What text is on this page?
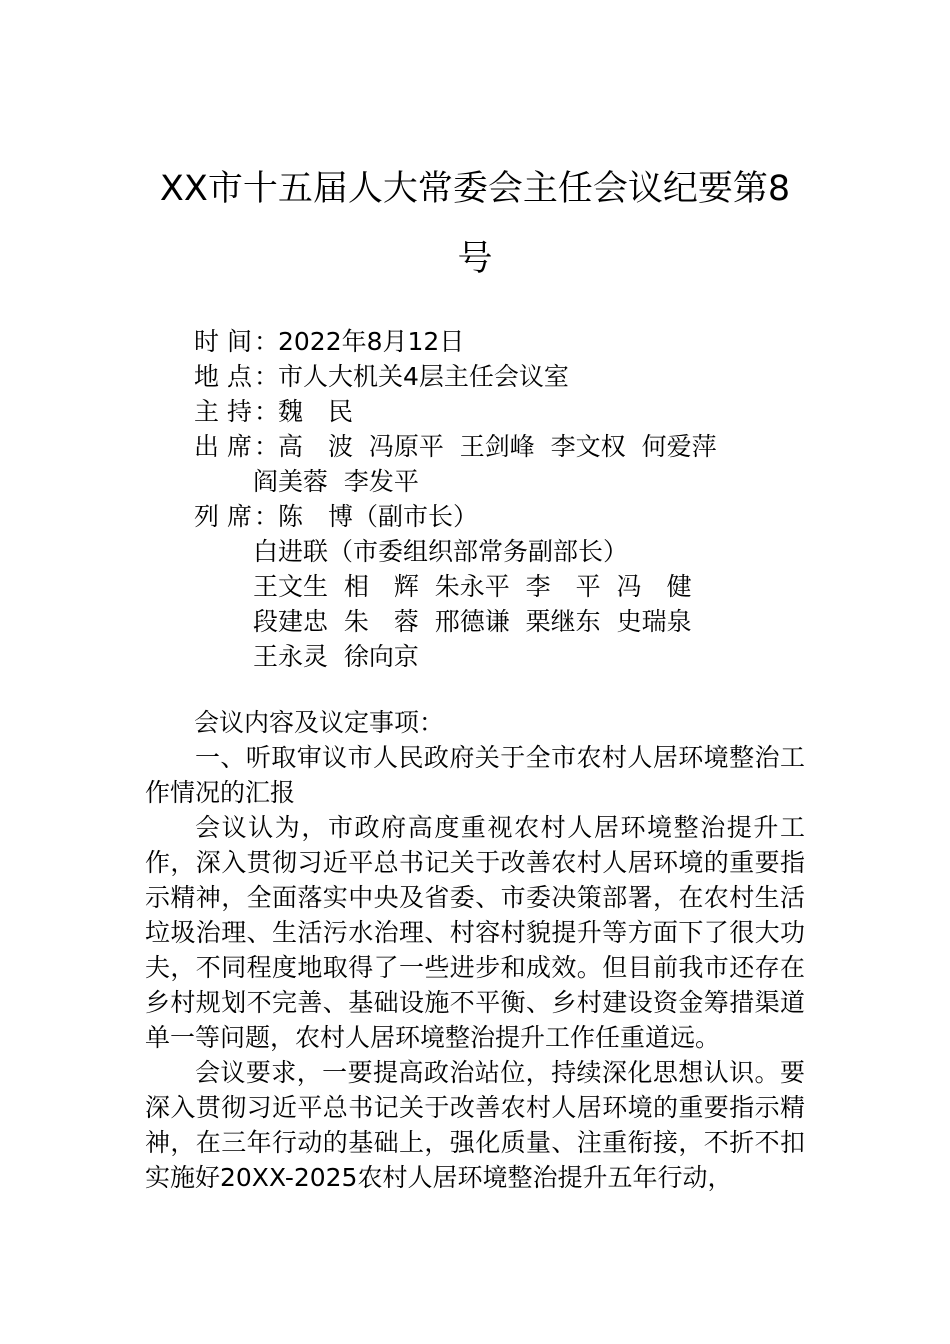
XX市十五届人大常委会主任会议纪要第8号
时 间 ：
2022年8月12日
地 点 ：
市人大机关4层主任会议室
主 持 ：
魏　民
出 席 ：
高　波  冯原平  王剑峰  李文权  何爱萍
阎美蓉  李发平
列 席 ：
陈　博（副市长）
白进联（市委组织部常务副部长）
王文生  相　辉  朱永平  李　平  冯　健
段建忠  朱　蓉  邢德谦  栗继东  史瑞泉
王永灵  徐向京

会议内容及议定事项：

一、听取审议市人民政府关于全市农村人居环境整治工作情况的汇报

会议认为，市政府高度重视农村人居环境整治提升工作，深入贯彻习近平总书记关于改善农村人居环境的重要指示精神，全面落实中央及省委、市委决策部署，在农村生活垃圾治理、生活污水治理、村容村貌提升等方面下了很大功夫，不同程度地取得了一些进步和成效。但目前我市还存在乡村规划不完善、基础设施不平衡、乡村建设资金筹措渠道单一等问题，农村人居环境整治提升工作任重道远。

会议要求，一要提高政治站位，持续深化思想认识。要深入贯彻习近平总书记关于改善农村人居环境的重要指示精神，在三年行动的基础上，强化质量、注重衔接，不折不扣实施好20XX-2025农村人居环境整治提升五年行动，
